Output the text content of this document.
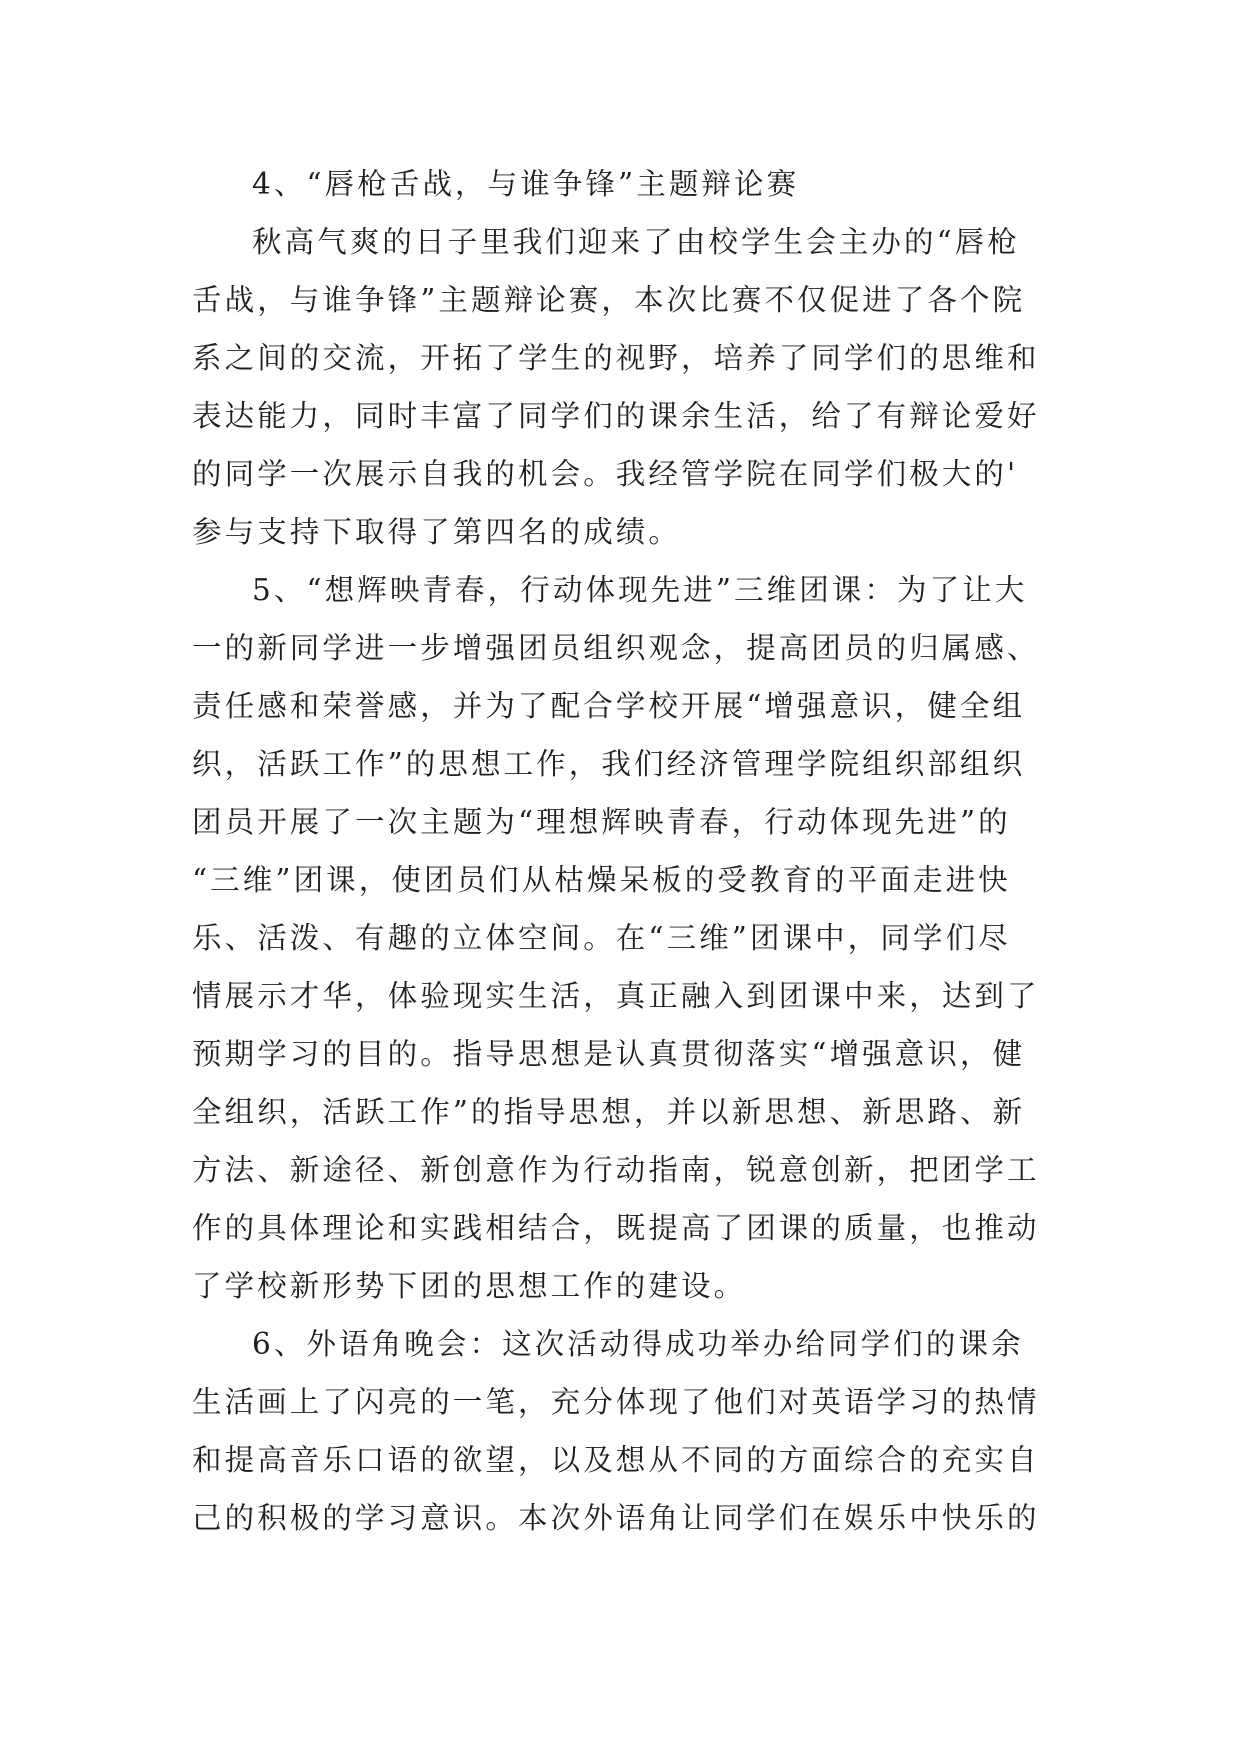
4、“唇枪舌战，与谁争锋”主题辩论赛
秋高气爽的日子里我们迎来了由校学生会主办的“唇枪
舌战，与谁争锋”主题辩论赛，本次比赛不仅促进了各个院
系之间的交流，开拓了学生的视野，培养了同学们的思维和
表达能力，同时丰富了同学们的课余生活，给了有辩论爱好
的同学一次展示自我的机会。我经管学院在同学们极大的'
参与支持下取得了第四名的成绩。
5、“想辉映青春，行动体现先进”三维团课：为了让大
一的新同学进一步增强团员组织观念，提高团员的归属感、
责任感和荣誉感，并为了配合学校开展“增强意识，健全组
织，活跃工作”的思想工作，我们经济管理学院组织部组织
团员开展了一次主题为“理想辉映青春，行动体现先进”的
“三维”团课，使团员们从枯燥呆板的受教育的平面走进快
乐、活泼、有趣的立体空间。在“三维”团课中，同学们尽
情展示才华，体验现实生活，真正融入到团课中来，达到了
预期学习的目的。指导思想是认真贯彻落实“增强意识，健
全组织，活跃工作”的指导思想，并以新思想、新思路、新
方法、新途径、新创意作为行动指南，锐意创新，把团学工
作的具体理论和实践相结合，既提高了团课的质量，也推动
了学校新形势下团的思想工作的建设。
6、外语角晚会：这次活动得成功举办给同学们的课余
生活画上了闪亮的一笔，充分体现了他们对英语学习的热情
和提高音乐口语的欲望，以及想从不同的方面综合的充实自
己的积极的学习意识。本次外语角让同学们在娱乐中快乐的
